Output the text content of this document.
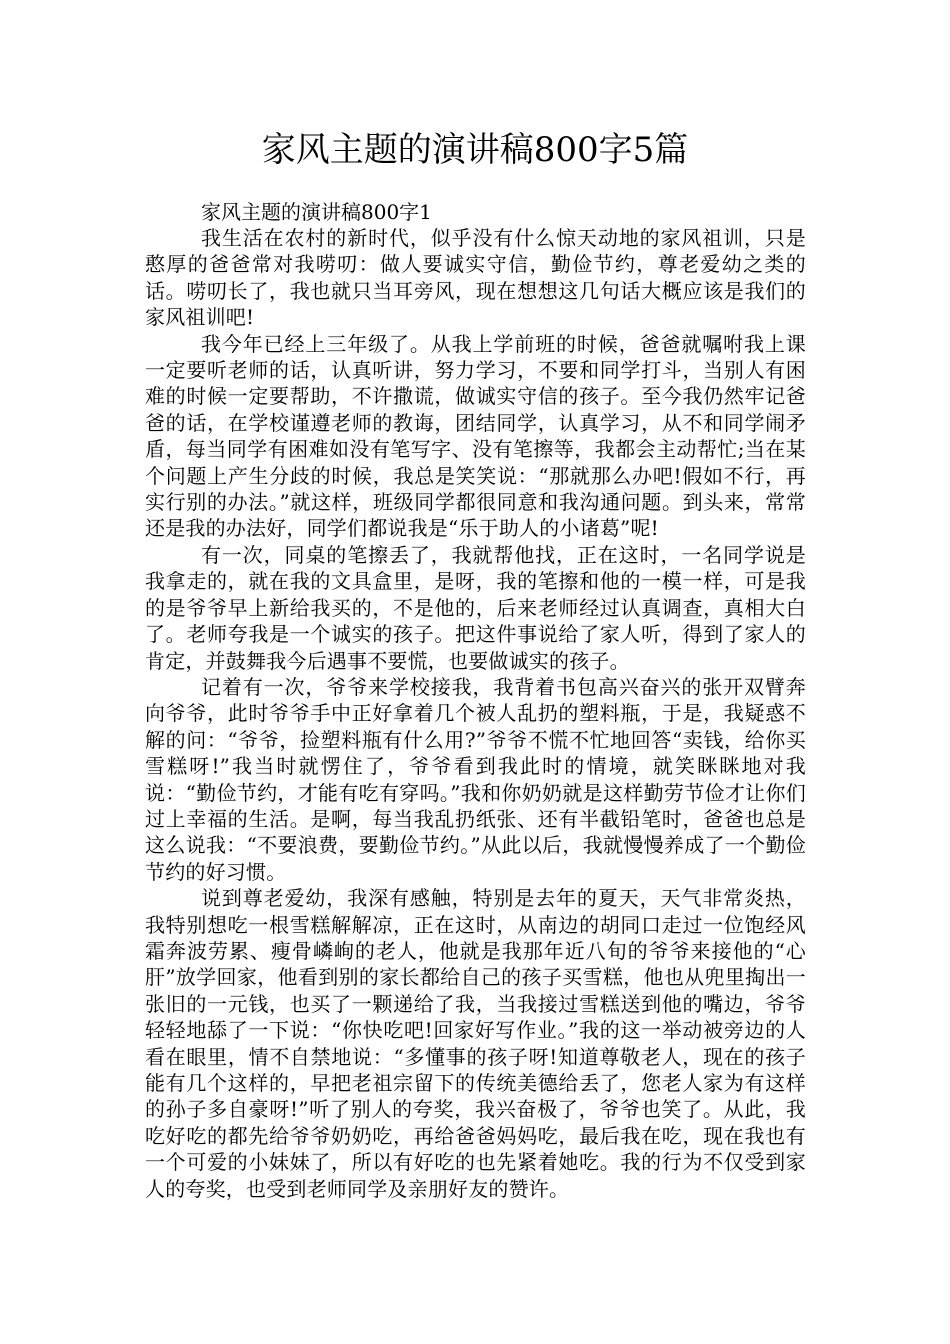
家风主题的演讲稿800字5篇

家风主题的演讲稿800字1

我生活在农村的新时代，似乎没有什么惊天动地的家风祖训，只是憨厚的爸爸常对我唠叨：做人要诚实守信，勤俭节约，尊老爱幼之类的话。唠叨长了，我也就只当耳旁风，现在想想这几句话大概应该是我们的家风祖训吧!

我今年已经上三年级了。从我上学前班的时候，爸爸就嘱咐我上课一定要听老师的话，认真听讲，努力学习，不要和同学打斗，当别人有困难的时候一定要帮助，不许撒谎，做诚实守信的孩子。至今我仍然牢记爸爸的话，在学校谨遵老师的教诲，团结同学，认真学习，从不和同学闹矛盾，每当同学有困难如没有笔写字、没有笔擦等，我都会主动帮忙;当在某个问题上产生分歧的时候，我总是笑笑说：“那就那么办吧!假如不行，再实行别的办法。”就这样，班级同学都很同意和我沟通问题。到头来，常常还是我的办法好，同学们都说我是“乐于助人的小诸葛”呢!

有一次，同桌的笔擦丢了，我就帮他找，正在这时，一名同学说是我拿走的，就在我的文具盒里，是呀，我的笔擦和他的一模一样，可是我的是爷爷早上新给我买的，不是他的，后来老师经过认真调查，真相大白了。老师夸我是一个诚实的孩子。把这件事说给了家人听，得到了家人的肯定，并鼓舞我今后遇事不要慌，也要做诚实的孩子。

记着有一次，爷爷来学校接我，我背着书包高兴奋兴的张开双臂奔向爷爷，此时爷爷手中正好拿着几个被人乱扔的塑料瓶，于是，我疑惑不解的问：“爷爷，捡塑料瓶有什么用?”爷爷不慌不忙地回答“卖钱，给你买雪糕呀!”我当时就愣住了，爷爷看到我此时的情境，就笑眯眯地对我说：“勤俭节约，才能有吃有穿吗。”我和你奶奶就是这样勤劳节俭才让你们过上幸福的生活。是啊，每当我乱扔纸张、还有半截铅笔时，爸爸也总是这么说我：“不要浪费，要勤俭节约。”从此以后，我就慢慢养成了一个勤俭节约的好习惯。

说到尊老爱幼，我深有感触，特别是去年的夏天，天气非常炎热，我特别想吃一根雪糕解解凉，正在这时，从南边的胡同口走过一位饱经风霜奔波劳累、瘦骨嶙峋的老人，他就是我那年近八旬的爷爷来接他的“心肝”放学回家，他看到别的家长都给自己的孩子买雪糕，他也从兜里掏出一张旧的一元钱，也买了一颗递给了我，当我接过雪糕送到他的嘴边，爷爷轻轻地舔了一下说：“你快吃吧!回家好写作业。”我的这一举动被旁边的人看在眼里，情不自禁地说：“多懂事的孩子呀!知道尊敬老人，现在的孩子能有几个这样的，早把老祖宗留下的传统美德给丢了，您老人家为有这样的孙子多自豪呀!”听了别人的夸奖，我兴奋极了，爷爷也笑了。从此，我吃好吃的都先给爷爷奶奶吃，再给爸爸妈妈吃，最后我在吃，现在我也有一个可爱的小妹妹了，所以有好吃的也先紧着她吃。我的行为不仅受到家人的夸奖，也受到老师同学及亲朋好友的赞许。
